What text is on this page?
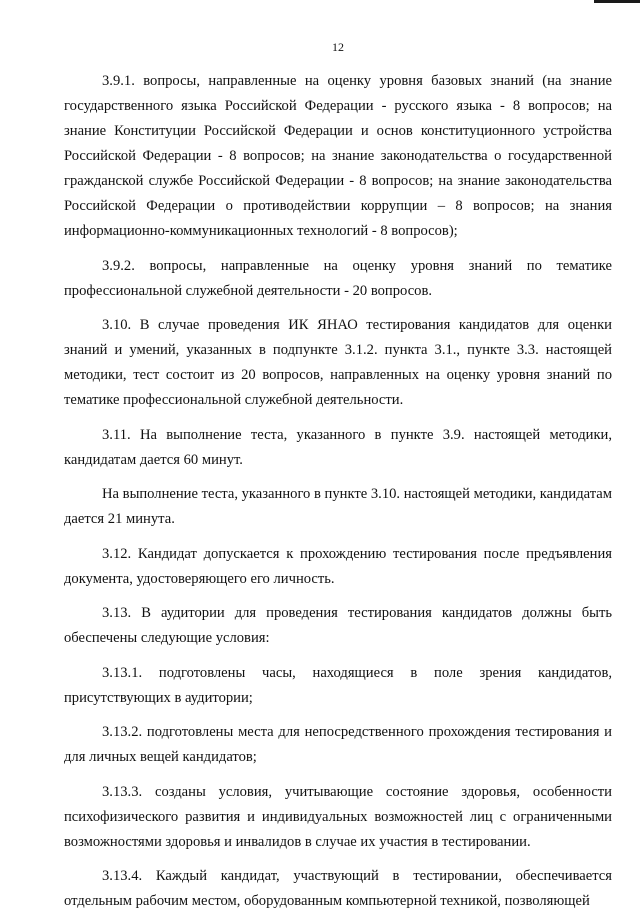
12

3.9.1. вопросы, направленные на оценку уровня базовых знаний (на знание государственного языка Российской Федерации - русского языка - 8 вопросов; на знание Конституции Российской Федерации и основ конституционного устройства Российской Федерации - 8 вопросов; на знание законодательства о государственной гражданской службе Российской Федерации - 8 вопросов; на знание законодательства Российской Федерации о противодействии коррупции – 8 вопросов; на знания информационно-коммуникационных технологий - 8 вопросов);

3.9.2. вопросы, направленные на оценку уровня знаний по тематике профессиональной служебной деятельности - 20 вопросов.

3.10. В случае проведения ИК ЯНАО тестирования кандидатов для оценки знаний и умений, указанных в подпункте 3.1.2. пункта 3.1., пункте 3.3. настоящей методики, тест состоит из 20 вопросов, направленных на оценку уровня знаний по тематике профессиональной служебной деятельности.

3.11. На выполнение теста, указанного в пункте 3.9. настоящей методики, кандидатам дается 60 минут.

На выполнение теста, указанного в пункте 3.10. настоящей методики, кандидатам дается 21 минута.

3.12. Кандидат допускается к прохождению тестирования после предъявления документа, удостоверяющего его личность.

3.13. В аудитории для проведения тестирования кандидатов должны быть обеспечены следующие условия:

3.13.1. подготовлены часы, находящиеся в поле зрения кандидатов, присутствующих в аудитории;

3.13.2. подготовлены места для непосредственного прохождения тестирования и для личных вещей кандидатов;

3.13.3. созданы условия, учитывающие состояние здоровья, особенности психофизического развития и индивидуальных возможностей лиц с ограниченными возможностями здоровья и инвалидов в случае их участия в тестировании.

3.13.4. Каждый кандидат, участвующий в тестировании, обеспечивается отдельным рабочим местом, оборудованным компьютерной техникой, позволяющей
